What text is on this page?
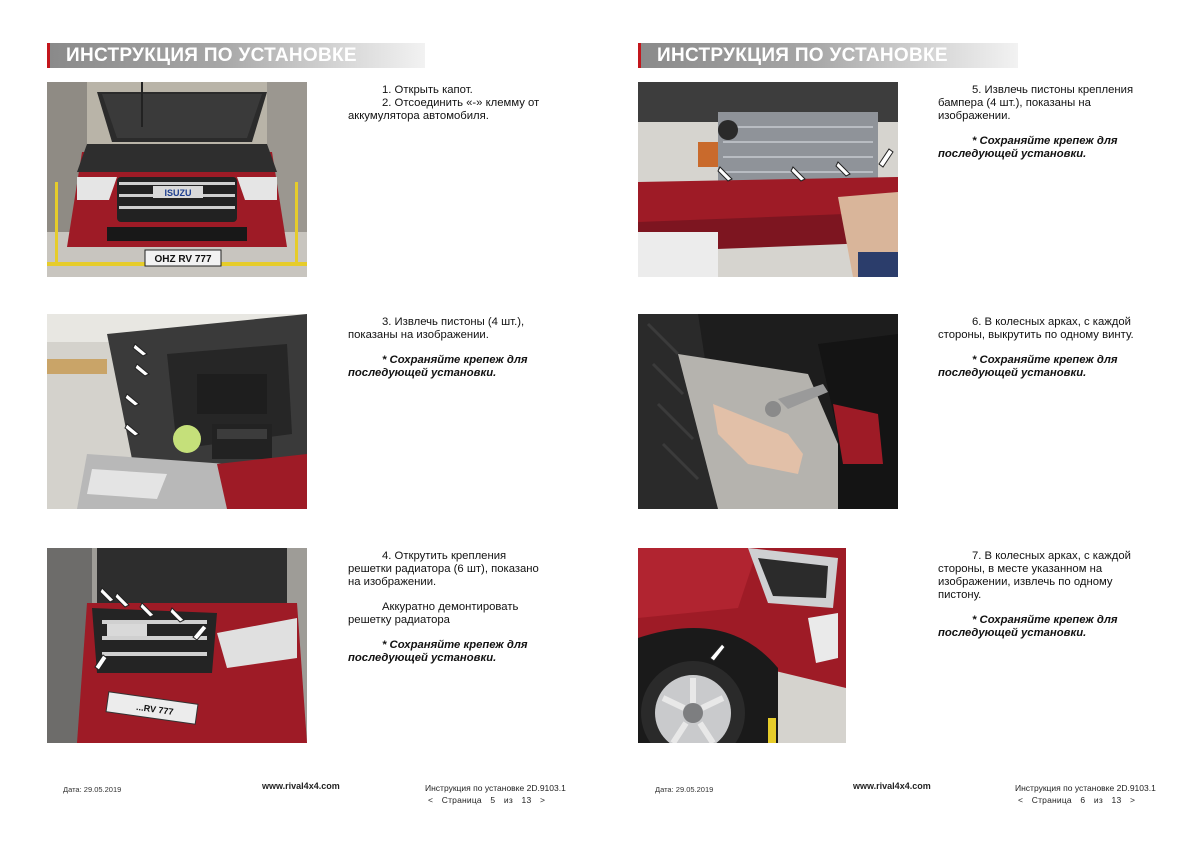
ИНСТРУКЦИЯ ПО УСТАНОВКЕ
ISUZU
OHZ RV 777

1. Открыть капот.

2. Отсоединить «-» клемму от аккумулятора автомобиля.

3. Извлечь пистоны (4 шт.), показаны на изображении.

* Сохраняйте крепеж для последующей установки.

...RV 777

4. Открутить крепления решетки радиатора (6 шт), показано на изображении.

Аккуратно демонтировать решетку радиатора

* Сохраняйте крепеж для последующей установки.

Дата: 29.05.2019	www.rival4x4.com	Инструкция по установке 2D.9103.1
< Страница 5 из 13 >
ИНСТРУКЦИЯ ПО УСТАНОВКЕ

5. Извлечь пистоны крепления бампера (4 шт.), показаны на изображении.

* Сохраняйте крепеж для последующей установки.

6. В колесных арках, с каждой стороны, выкрутить по одному винту.

* Сохраняйте крепеж для последующей установки.

7. В колесных арках, с каждой стороны, в месте указанном на изображении, извлечь по одному пистону.

* Сохраняйте крепеж для последующей установки.

Дата: 29.05.2019	www.rival4x4.com	Инструкция по установке 2D.9103.1
< Страница 6 из 13 >
